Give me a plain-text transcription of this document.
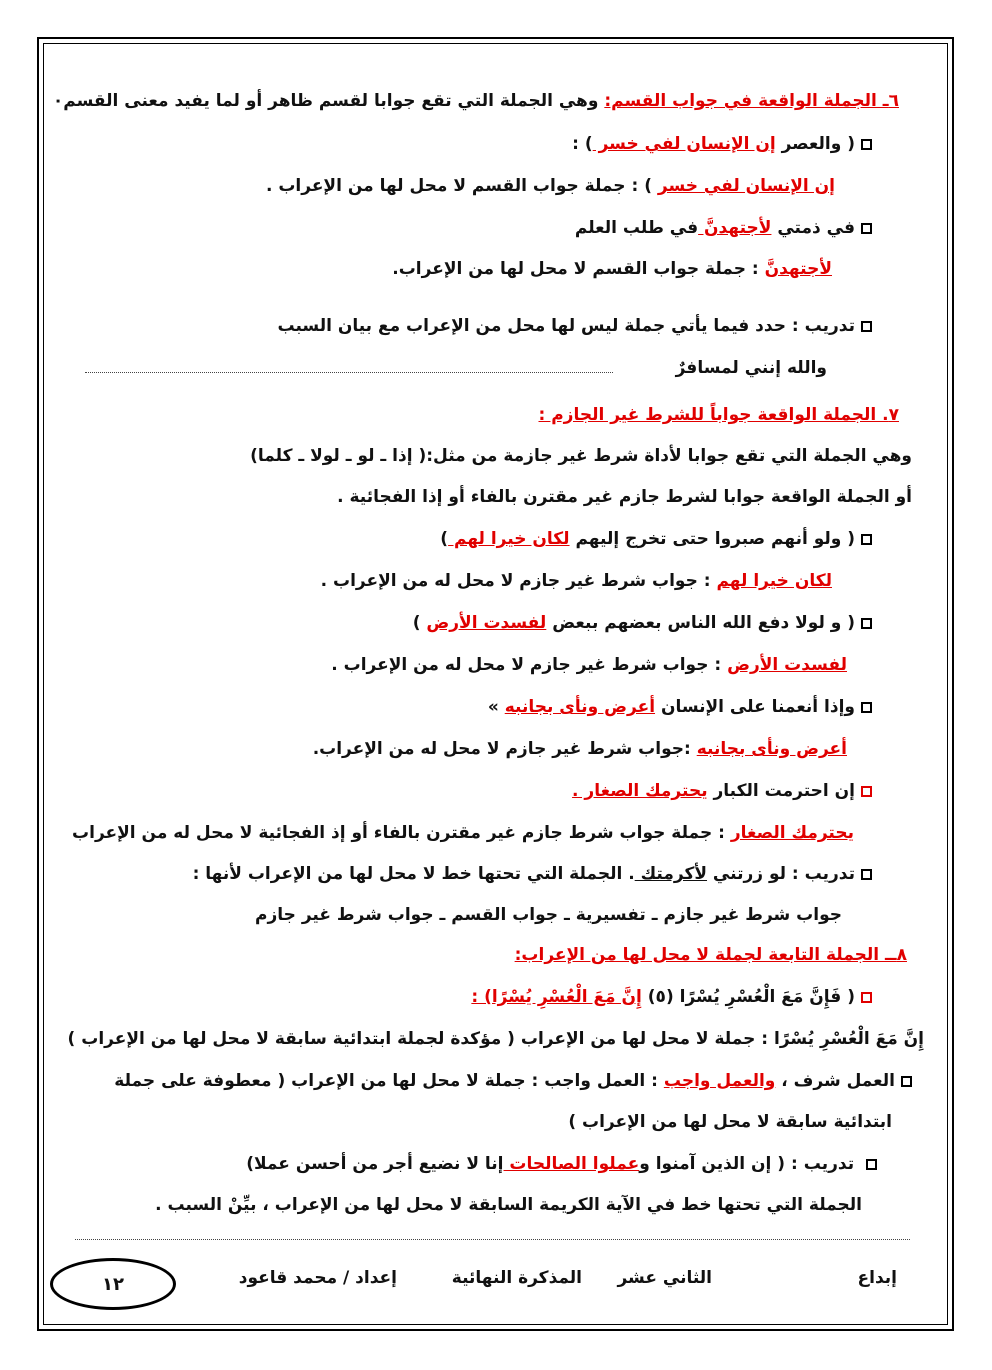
٦ـ الجملة الواقعة في جواب القسم: وهي الجملة التي تقع جوابا لقسم ظاهر أو لما يفيد معنى القسم٠
( والعصر إن الإنسان لفي خسر ) :
إن الإنسان لفي خسر ) : جملة جواب القسم لا محل لها من الإعراب .
في ذمتي لأجتهدنَّ في طلب العلم
لأجتهدنَّ : جملة جواب القسم لا محل لها من الإعراب.
تدريب : حدد فيما يأتي جملة ليس لها محل من الإعراب مع بيان السبب
والله إنني لمسافرٌ
٧. الجملة الواقعة جواباً للشرط غير الجازم :
وهي الجملة التي تقع جوابا لأداة شرط غير جازمة من مثل:( إذا ـ لو ـ لولا ـ كلما)
أو الجملة الواقعة جوابا لشرط جازم غير مقترن بالفاء أو إذا الفجائية .
( ولو أنهم صبروا حتى تخرج إليهم لكان خيرا لهم )
لكان خيرا لهم : جواب شرط غير جازم لا محل له من الإعراب .
( و لولا دفع الله الناس بعضهم ببعض لفسدت الأرض )
لفسدت الأرض : جواب شرط غير جازم لا محل له من الإعراب .
وإذا أنعمنا على الإنسان أعرض ونأى بجانبه »
أعرض ونأى بجانبه :جواب شرط غير جازم لا محل له من الإعراب.
إن احترمت الكبار يحترمك الصغار .
يحترمك الصغار : جملة جواب شرط جازم غير مقترن بالفاء أو إذ الفجائية لا محل له من الإعراب
تدريب : لو زرتني لأكرمتك . الجملة التي تحتها خط لا محل لها من الإعراب لأنها :
جواب شرط غير جازم ـ تفسيرية ـ جواب القسم ـ جواب شرط غير جازم
٨ــ الجملة التابعة لجملة لا محل لها من الإعراب:
( فَإِنَّ مَعَ الْعُسْرِ يُسْرًا (٥) إِنَّ مَعَ الْعُسْرِ يُسْرًا) :
إِنَّ مَعَ الْعُسْرِ يُسْرًا : جملة لا محل لها من الإعراب ( مؤكدة لجملة ابتدائية سابقة لا محل لها من الإعراب )
العمل شرف ، والعمل واجب : العمل واجب : جملة لا محل لها من الإعراب ( معطوفة على جملة
ابتدائية سابقة لا محل لها من الإعراب )
تدريب : ( إن الذين آمنوا وعملوا الصالحات إنا لا نضيع أجر من أحسن عملا)
الجملة التي تحتها خط في الآية الكريمة السابقة لا محل لها من الإعراب ، بيِّنْ السبب .
إبداع
الثاني عشر
المذكرة النهائية
إعداد / محمد قاعود
١٢
